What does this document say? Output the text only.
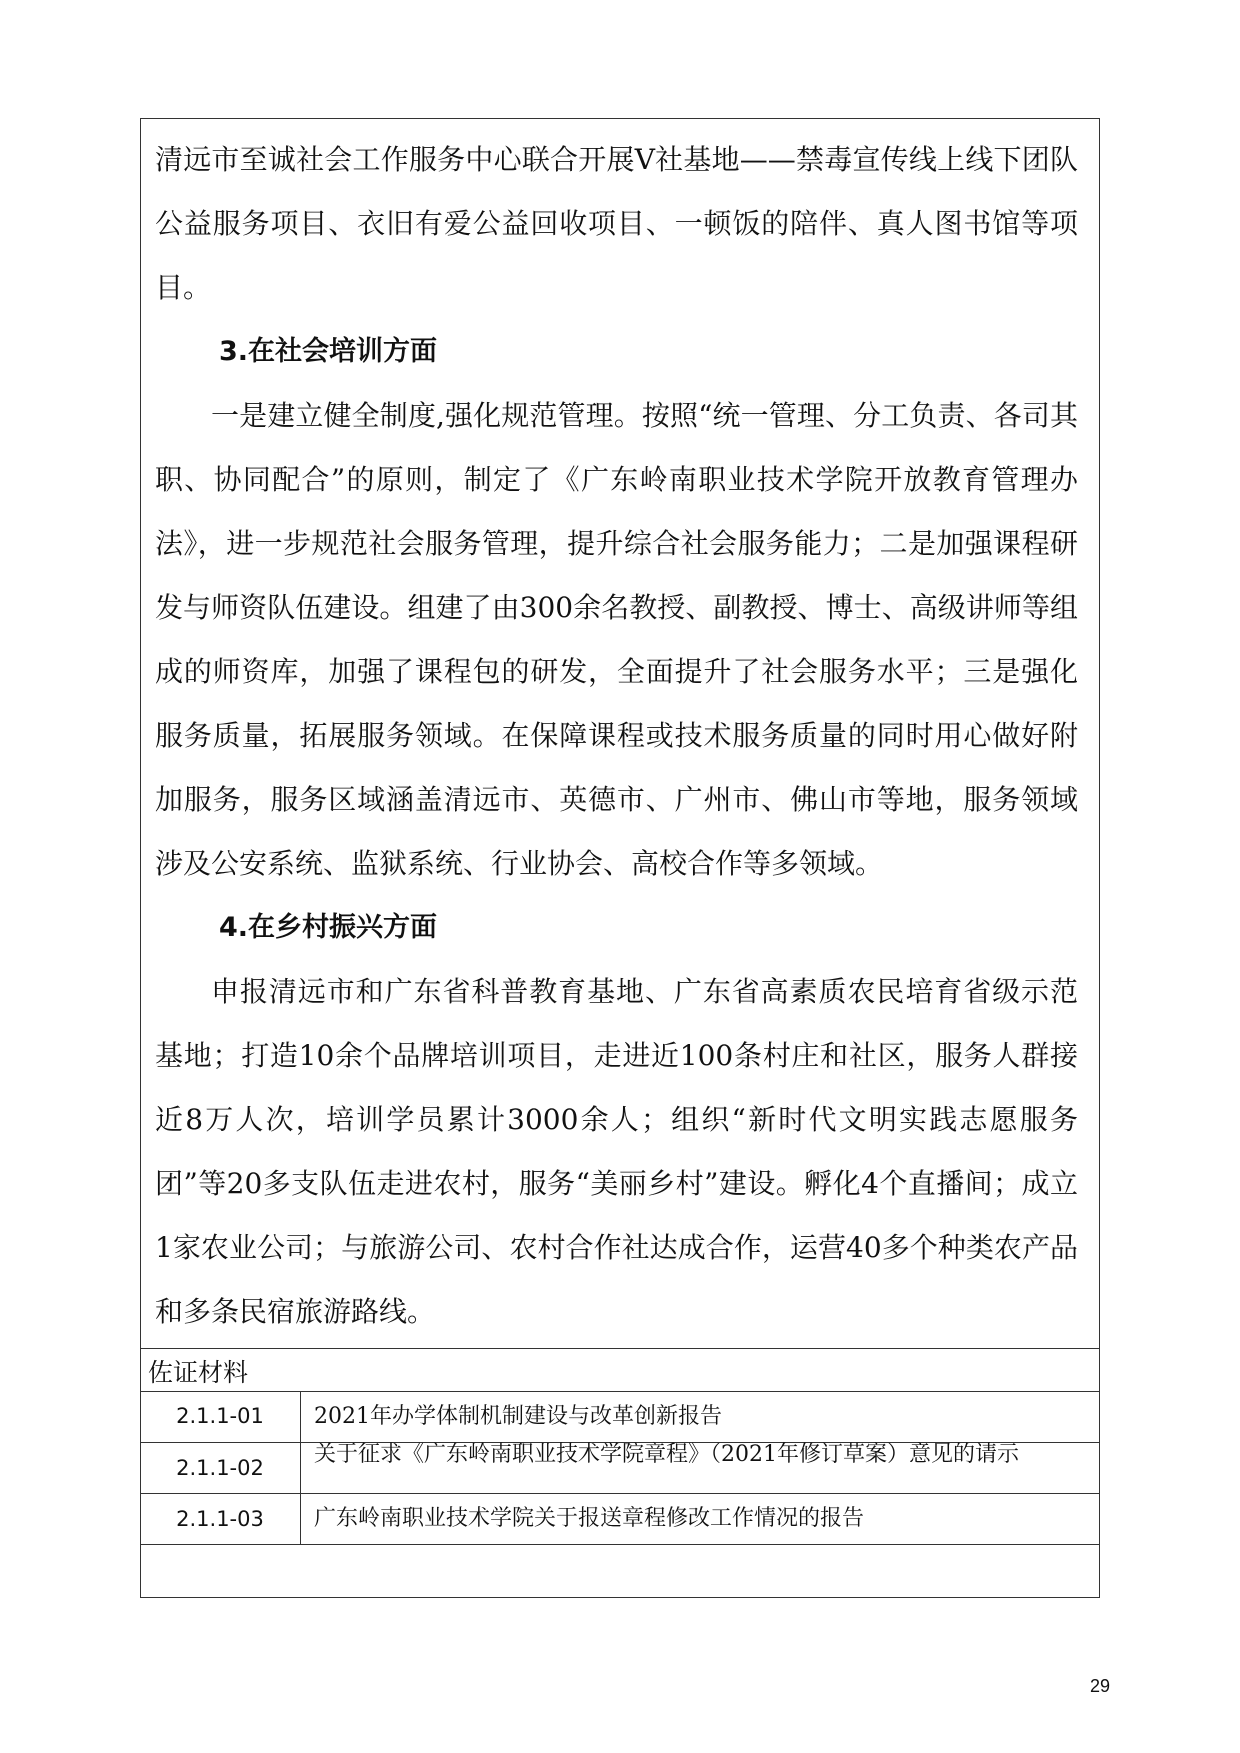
清远市至诚社会工作服务中心联合开展V社基地——禁毒宣传线上线下团队公益服务项目、衣旧有爱公益回收项目、一顿饭的陪伴、真人图书馆等项目。

3.在社会培训方面

一是建立健全制度,强化规范管理。按照“统一管理、分工负责、各司其职、协同配合”的原则，制定了《广东岭南职业技术学院开放教育管理办法》，进一步规范社会服务管理，提升综合社会服务能力；二是加强课程研发与师资队伍建设。组建了由300余名教授、副教授、博士、高级讲师等组成的师资库，加强了课程包的研发，全面提升了社会服务水平；三是强化服务质量，拓展服务领域。在保障课程或技术服务质量的同时用心做好附加服务，服务区域涵盖清远市、英德市、广州市、佛山市等地，服务领域涉及公安系统、监狱系统、行业协会、高校合作等多领域。

4.在乡村振兴方面

申报清远市和广东省科普教育基地、广东省高素质农民培育省级示范基地；打造10余个品牌培训项目，走进近100条村庄和社区，服务人群接近8万人次，培训学员累计3000余人；组织“新时代文明实践志愿服务团”等20多支队伍走进农村，服务“美丽乡村”建设。孵化4个直播间；成立1家农业公司；与旅游公司、农村合作社达成合作，运营40多个种类农产品和多条民宿旅游路线。

佐证材料
2.1.1-01	2021年办学体制机制建设与改革创新报告
2.1.1-02
关于征求《广东岭南职业技术学院章程》（2021年修订草案）意见的请示
2.1.1-03	广东岭南职业技术学院关于报送章程修改工作情况的报告
29
